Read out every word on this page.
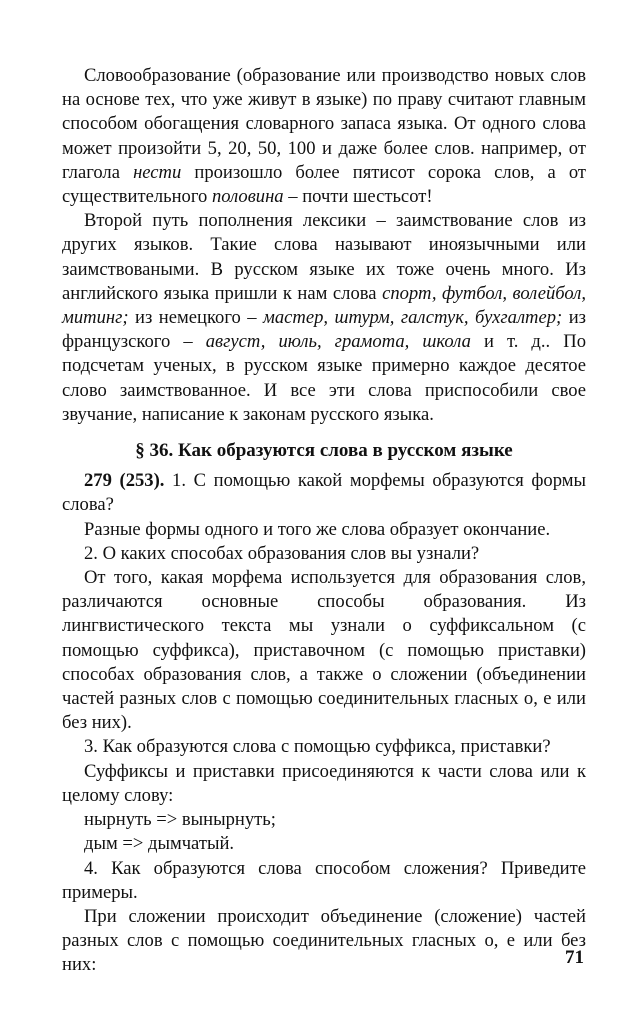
Словообразование (образование или производство новых слов на основе тех, что уже живут в языке) по праву считают главным способом обогащения словарного запаса языка. От одного слова может произойти 5, 20, 50, 100 и даже более слов. например, от глагола нести произошло более пятисот сорока слов, а от существительного половина – почти шестьсот!

Второй путь пополнения лексики – заимствование слов из других языков. Такие слова называют иноязычными или заимствоваными. В русском языке их тоже очень много. Из английского языка пришли к нам слова спорт, футбол, волейбол, митинг; из немецкого – мастер, штурм, галстук, бухгалтер; из французского – август, июль, грамота, школа и т. д.. По подсчетам ученых, в русском языке примерно каждое десятое слово заимствованное. И все эти слова приспособили свое звучание, написание к законам русского языка.

§ 36. Как образуются слова в русском языке

279 (253). 1. С помощью какой морфемы образуются формы слова?

Разные формы одного и того же слова образует окончание.

2. О каких способах образования слов вы узнали?

От того, какая морфема используется для образования слов, различаются основные способы образования. Из лингвистического текста мы узнали о суффиксальном (с помощью суффикса), приставочном (с помощью приставки) способах образования слов, а также о сложении (объединении частей разных слов с помощью соединительных гласных о, е или без них).

3. Как образуются слова с помощью суффикса, приставки?

Суффиксы и приставки присоединяются к части слова или к целому слову:

нырнуть => вынырнуть;

дым => дымчатый.

4. Как образуются слова способом сложения? Приведите примеры.

При сложении происходит объединение (сложение) частей разных слов с помощью соединительных гласных о, е или без них:	71
